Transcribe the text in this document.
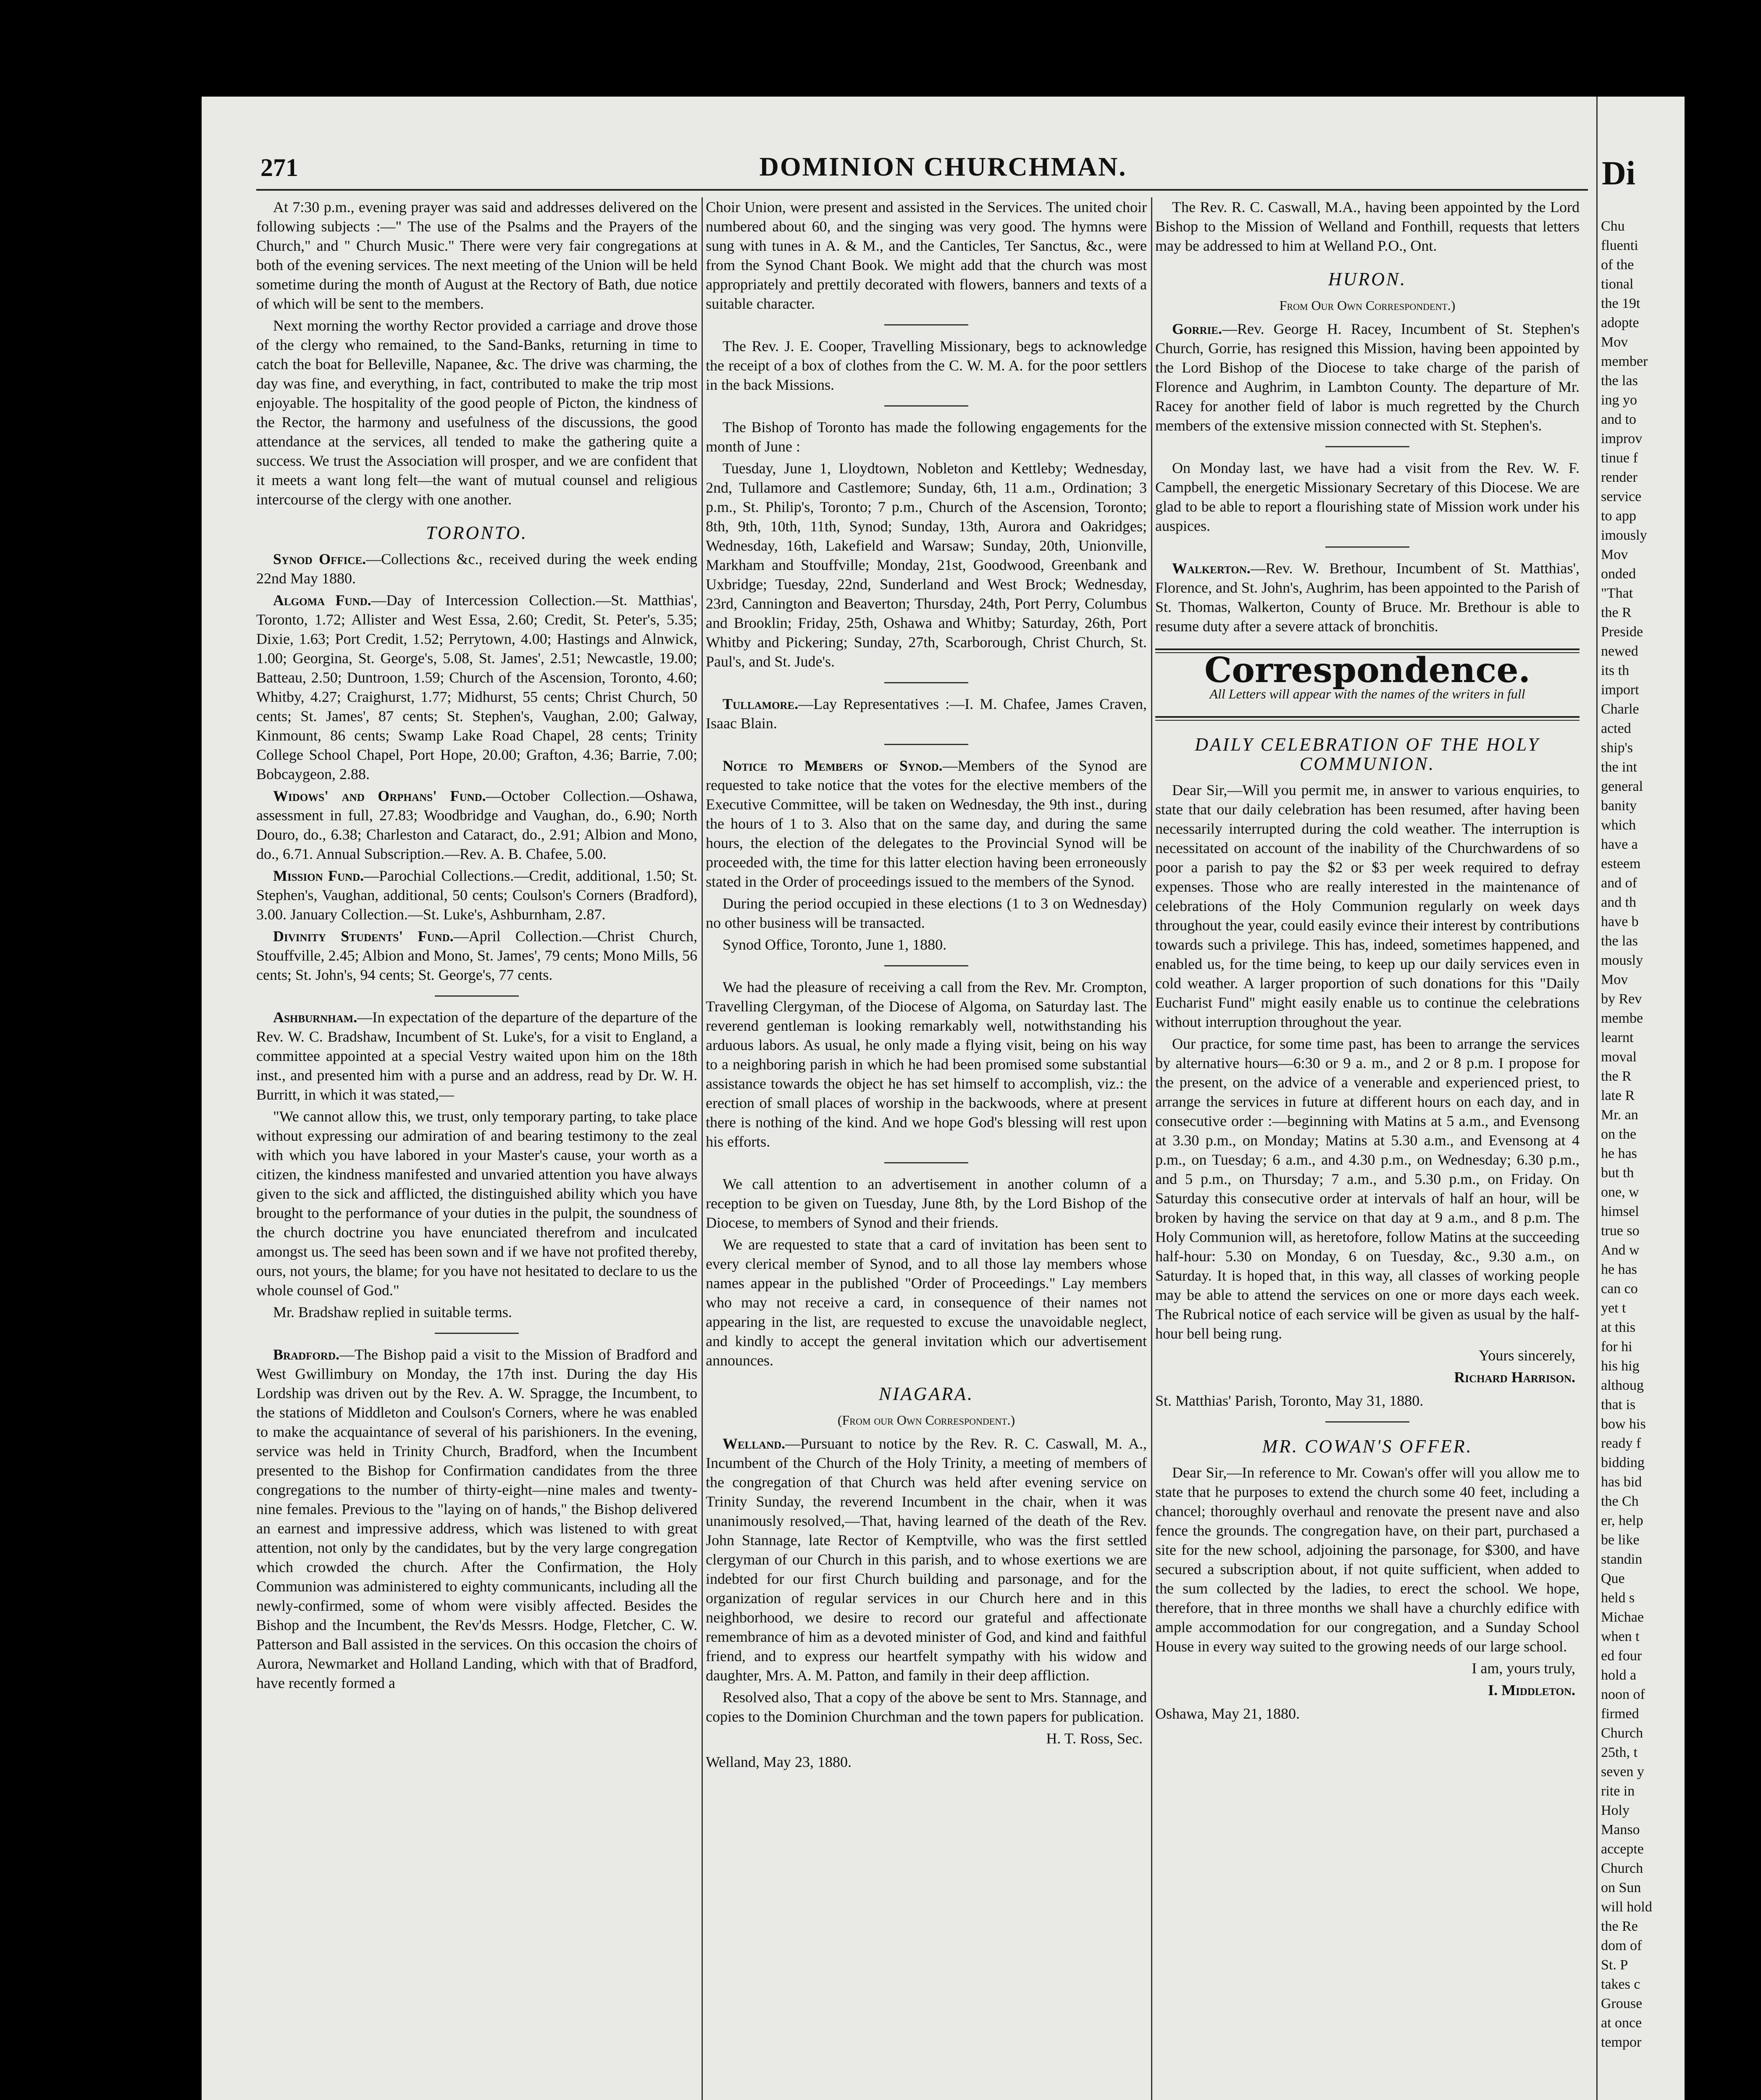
271	DOMINION CHURCHMAN.

At 7:30 p.m., evening prayer was said and addresses delivered on the following subjects :—" The use of the Psalms and the Prayers of the Church," and " Church Music." There were very fair congregations at both of the evening services. The next meeting of the Union will be held sometime during the month of August at the Rectory of Bath, due notice of which will be sent to the members.

Next morning the worthy Rector provided a carriage and drove those of the clergy who remained, to the Sand-Banks, returning in time to catch the boat for Belleville, Napanee, &c. The drive was charming, the day was fine, and everything, in fact, contributed to make the trip most enjoyable. The hospitality of the good people of Picton, the kindness of the Rector, the harmony and usefulness of the discussions, the good attendance at the services, all tended to make the gathering quite a success. We trust the Association will prosper, and we are confident that it meets a want long felt—the want of mutual counsel and religious intercourse of the clergy with one another.

TORONTO.

Synod Office.—Collections &c., received during the week ending 22nd May 1880.

Algoma Fund.—Day of Intercession Collection.—St. Matthias', Toronto, 1.72; Allister and West Essa, 2.60; Credit, St. Peter's, 5.35; Dixie, 1.63; Port Credit, 1.52; Perrytown, 4.00; Hastings and Alnwick, 1.00; Georgina, St. George's, 5.08, St. James', 2.51; Newcastle, 19.00; Batteau, 2.50; Duntroon, 1.59; Church of the Ascension, Toronto, 4.60; Whitby, 4.27; Craighurst, 1.77; Midhurst, 55 cents; Christ Church, 50 cents; St. James', 87 cents; St. Stephen's, Vaughan, 2.00; Galway, Kinmount, 86 cents; Swamp Lake Road Chapel, 28 cents; Trinity College School Chapel, Port Hope, 20.00; Grafton, 4.36; Barrie, 7.00; Bobcaygeon, 2.88.

Widows' and Orphans' Fund.—October Collection.—Oshawa, assessment in full, 27.83; Woodbridge and Vaughan, do., 6.90; North Douro, do., 6.38; Charleston and Cataract, do., 2.91; Albion and Mono, do., 6.71. Annual Subscription.—Rev. A. B. Chafee, 5.00.

Mission Fund.—Parochial Collections.—Credit, additional, 1.50; St. Stephen's, Vaughan, additional, 50 cents; Coulson's Corners (Bradford), 3.00. January Collection.—St. Luke's, Ashburnham, 2.87.

Divinity Students' Fund.—April Collection.—Christ Church, Stouffville, 2.45; Albion and Mono, St. James', 79 cents; Mono Mills, 56 cents; St. John's, 94 cents; St. George's, 77 cents.

Ashburnham.—In expectation of the departure of the departure of the Rev. W. C. Bradshaw, Incumbent of St. Luke's, for a visit to England, a committee appointed at a special Vestry waited upon him on the 18th inst., and presented him with a purse and an address, read by Dr. W. H. Burritt, in which it was stated,—

"We cannot allow this, we trust, only temporary parting, to take place without expressing our admiration of and bearing testimony to the zeal with which you have labored in your Master's cause, your worth as a citizen, the kindness manifested and unvaried attention you have always given to the sick and afflicted, the distinguished ability which you have brought to the performance of your duties in the pulpit, the soundness of the church doctrine you have enunciated therefrom and inculcated amongst us. The seed has been sown and if we have not profited thereby, ours, not yours, the blame; for you have not hesitated to declare to us the whole counsel of God."

Mr. Bradshaw replied in suitable terms.

Bradford.—The Bishop paid a visit to the Mission of Bradford and West Gwillimbury on Monday, the 17th inst. During the day His Lordship was driven out by the Rev. A. W. Spragge, the Incumbent, to the stations of Middleton and Coulson's Corners, where he was enabled to make the acquaintance of several of his parishioners. In the evening, service was held in Trinity Church, Bradford, when the Incumbent presented to the Bishop for Confirmation candidates from the three congregations to the number of thirty-eight—nine males and twenty-nine females. Previous to the "laying on of hands," the Bishop delivered an earnest and impressive address, which was listened to with great attention, not only by the candidates, but by the very large congregation which crowded the church. After the Confirmation, the Holy Communion was administered to eighty communicants, including all the newly-confirmed, some of whom were visibly affected. Besides the Bishop and the Incumbent, the Rev'ds Messrs. Hodge, Fletcher, C. W. Patterson and Ball assisted in the services. On this occasion the choirs of Aurora, Newmarket and Holland Landing, which with that of Bradford, have recently formed a

Choir Union, were present and assisted in the Services. The united choir numbered about 60, and the singing was very good. The hymns were sung with tunes in A. & M., and the Canticles, Ter Sanctus, &c., were from the Synod Chant Book. We might add that the church was most appropriately and prettily decorated with flowers, banners and texts of a suitable character.

The Rev. J. E. Cooper, Travelling Missionary, begs to acknowledge the receipt of a box of clothes from the C. W. M. A. for the poor settlers in the back Missions.

The Bishop of Toronto has made the following engagements for the month of June :

Tuesday, June 1, Lloydtown, Nobleton and Kettleby; Wednesday, 2nd, Tullamore and Castlemore; Sunday, 6th, 11 a.m., Ordination; 3 p.m., St. Philip's, Toronto; 7 p.m., Church of the Ascension, Toronto; 8th, 9th, 10th, 11th, Synod; Sunday, 13th, Aurora and Oakridges; Wednesday, 16th, Lakefield and Warsaw; Sunday, 20th, Unionville, Markham and Stouffville; Monday, 21st, Goodwood, Greenbank and Uxbridge; Tuesday, 22nd, Sunderland and West Brock; Wednesday, 23rd, Cannington and Beaverton; Thursday, 24th, Port Perry, Columbus and Brooklin; Friday, 25th, Oshawa and Whitby; Saturday, 26th, Port Whitby and Pickering; Sunday, 27th, Scarborough, Christ Church, St. Paul's, and St. Jude's.

Tullamore.—Lay Representatives :—I. M. Chafee, James Craven, Isaac Blain.

Notice to Members of Synod.—Members of the Synod are requested to take notice that the votes for the elective members of the Executive Committee, will be taken on Wednesday, the 9th inst., during the hours of 1 to 3. Also that on the same day, and during the same hours, the election of the delegates to the Provincial Synod will be proceeded with, the time for this latter election having been erroneously stated in the Order of proceedings issued to the members of the Synod.

During the period occupied in these elections (1 to 3 on Wednesday) no other business will be transacted.

Synod Office, Toronto, June 1, 1880.

We had the pleasure of receiving a call from the Rev. Mr. Crompton, Travelling Clergyman, of the Diocese of Algoma, on Saturday last. The reverend gentleman is looking remarkably well, notwithstanding his arduous labors. As usual, he only made a flying visit, being on his way to a neighboring parish in which he had been promised some substantial assistance towards the object he has set himself to accomplish, viz.: the erection of small places of worship in the backwoods, where at present there is nothing of the kind. And we hope God's blessing will rest upon his efforts.

We call attention to an advertisement in another column of a reception to be given on Tuesday, June 8th, by the Lord Bishop of the Diocese, to members of Synod and their friends.

We are requested to state that a card of invitation has been sent to every clerical member of Synod, and to all those lay members whose names appear in the published "Order of Proceedings." Lay members who may not receive a card, in consequence of their names not appearing in the list, are requested to excuse the unavoidable neglect, and kindly to accept the general invitation which our advertisement announces.

NIAGARA.
(From our Own Correspondent.)

Welland.—Pursuant to notice by the Rev. R. C. Caswall, M. A., Incumbent of the Church of the Holy Trinity, a meeting of members of the congregation of that Church was held after evening service on Trinity Sunday, the reverend Incumbent in the chair, when it was unanimously resolved,—That, having learned of the death of the Rev. John Stannage, late Rector of Kemptville, who was the first settled clergyman of our Church in this parish, and to whose exertions we are indebted for our first Church building and parsonage, and for the organization of regular services in our Church here and in this neighborhood, we desire to record our grateful and affectionate remembrance of him as a devoted minister of God, and kind and faithful friend, and to express our heartfelt sympathy with his widow and daughter, Mrs. A. M. Patton, and family in their deep affliction.

Resolved also, That a copy of the above be sent to Mrs. Stannage, and copies to the Dominion Churchman and the town papers for publication.

H. T. Ross, Sec.

Welland, May 23, 1880.

The Rev. R. C. Caswall, M.A., having been appointed by the Lord Bishop to the Mission of Welland and Fonthill, requests that letters may be addressed to him at Welland P.O., Ont.

HURON.
From Our Own Correspondent.)

Gorrie.—Rev. George H. Racey, Incumbent of St. Stephen's Church, Gorrie, has resigned this Mission, having been appointed by the Lord Bishop of the Diocese to take charge of the parish of Florence and Aughrim, in Lambton County. The departure of Mr. Racey for another field of labor is much regretted by the Church members of the extensive mission connected with St. Stephen's.

On Monday last, we have had a visit from the Rev. W. F. Campbell, the energetic Missionary Secretary of this Diocese. We are glad to be able to report a flourishing state of Mission work under his auspices.

Walkerton.—Rev. W. Brethour, Incumbent of St. Matthias', Florence, and St. John's, Aughrim, has been appointed to the Parish of St. Thomas, Walkerton, County of Bruce. Mr. Brethour is able to resume duty after a severe attack of bronchitis.

Correspondence.
All Letters will appear with the names of the writers in full
DAILY CELEBRATION OF THE HOLY COMMUNION.

Dear Sir,—Will you permit me, in answer to various enquiries, to state that our daily celebration has been resumed, after having been necessarily interrupted during the cold weather. The interruption is necessitated on account of the inability of the Churchwardens of so poor a parish to pay the $2 or $3 per week required to defray expenses. Those who are really interested in the maintenance of celebrations of the Holy Communion regularly on week days throughout the year, could easily evince their interest by contributions towards such a privilege. This has, indeed, sometimes happened, and enabled us, for the time being, to keep up our daily services even in cold weather. A larger proportion of such donations for this "Daily Eucharist Fund" might easily enable us to continue the celebrations without interruption throughout the year.

Our practice, for some time past, has been to arrange the services by alternative hours—6:30 or 9 a. m., and 2 or 8 p.m. I propose for the present, on the advice of a venerable and experienced priest, to arrange the services in future at different hours on each day, and in consecutive order :—beginning with Matins at 5 a.m., and Evensong at 3.30 p.m., on Monday; Matins at 5.30 a.m., and Evensong at 4 p.m., on Tuesday; 6 a.m., and 4.30 p.m., on Wednesday; 6.30 p.m., and 5 p.m., on Thursday; 7 a.m., and 5.30 p.m., on Friday. On Saturday this consecutive order at intervals of half an hour, will be broken by having the service on that day at 9 a.m., and 8 p.m. The Holy Communion will, as heretofore, follow Matins at the succeeding half-hour: 5.30 on Monday, 6 on Tuesday, &c., 9.30 a.m., on Saturday. It is hoped that, in this way, all classes of working people may be able to attend the services on one or more days each week. The Rubrical notice of each service will be given as usual by the half-hour bell being rung.

Yours sincerely,

Richard Harrison.

St. Matthias' Parish, Toronto, May 31, 1880.

MR. COWAN'S OFFER.

Dear Sir,—In reference to Mr. Cowan's offer will you allow me to state that he purposes to extend the church some 40 feet, including a chancel; thoroughly overhaul and renovate the present nave and also fence the grounds. The congregation have, on their part, purchased a site for the new school, adjoining the parsonage, for $300, and have secured a subscription about, if not quite sufficient, when added to the sum collected by the ladies, to erect the school. We hope, therefore, that in three months we shall have a churchly edifice with ample accommodation for our congregation, and a Sunday School House in every way suited to the growing needs of our large school.

I am, yours truly,

I. Middleton.

Oshawa, May 21, 1880.

Di
Chu
fluenti
of the
tional
the 19t
adopte
Mov
member
the las
ing yo
and to
improv
tinue f
render
service
to app
imously
Mov
onded
"That
the R
Preside
newed
its th
import
Charle
acted
ship's
the int
general
banity
which
have a
esteem
and of
and th
have b
the las
mously
Mov
by Rev
membe
learnt
moval
the R
late R
Mr. an
on the
he has
but th
one, w
himsel
true so
And w
he has
can co
yet t
at this
for hi
his hig
althoug
that is
bow his
ready f
bidding
has bid
the Ch
er, help
be like
standin
Que
held s
Michae
when t
ed four
hold a
noon of
firmed
Church
25th, t
seven y
rite in
Holy
Manso
accepte
Church
on Sun
will hold
the Re
dom of
St. P
takes c
Grouse
at once
tempor
